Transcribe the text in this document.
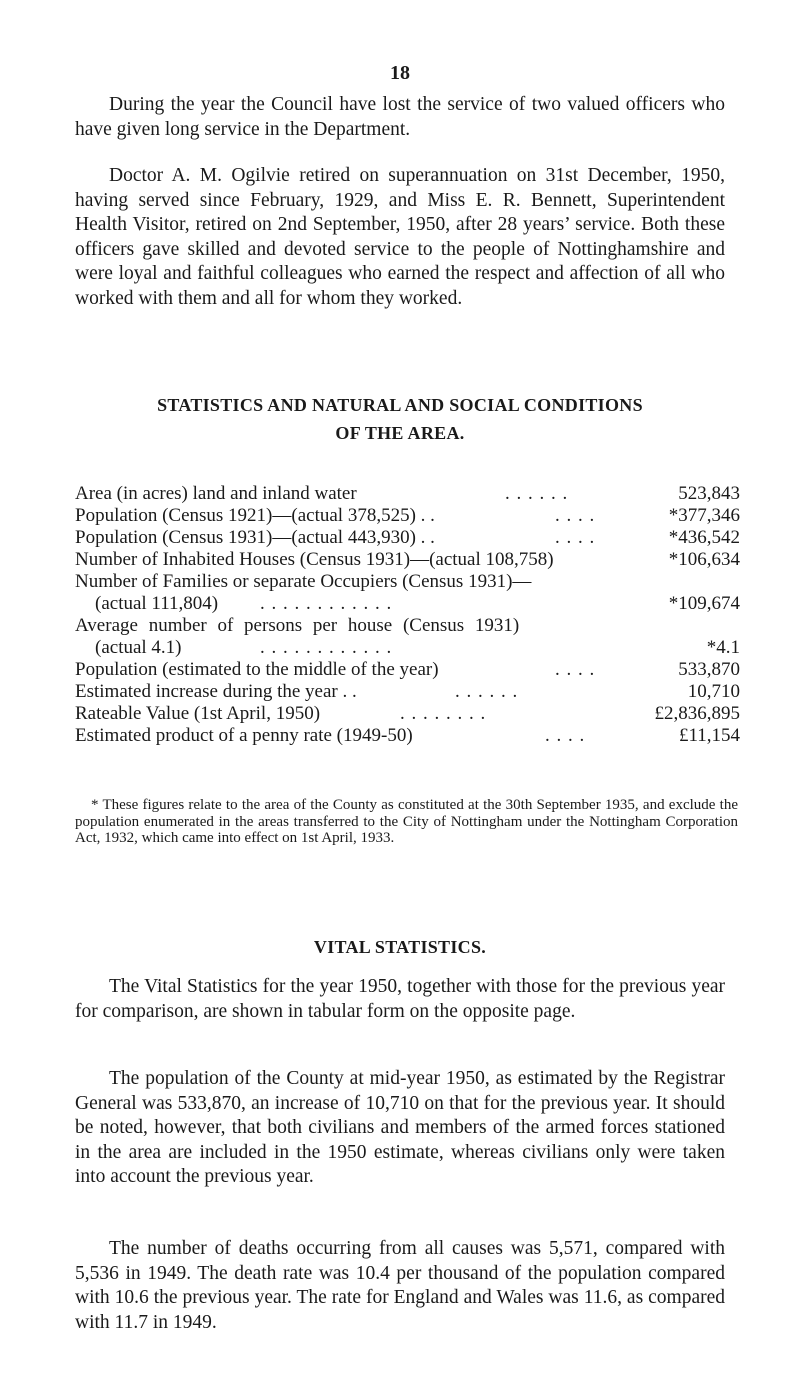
18

During the year the Council have lost the service of two valued officers who have given long service in the Department.

Doctor A. M. Ogilvie retired on superannuation on 31st December, 1950, having served since February, 1929, and Miss E. R. Bennett, Superintendent Health Visitor, retired on 2nd September, 1950, after 28 years’ service. Both these officers gave skilled and devoted service to the people of Nottinghamshire and were loyal and faithful colleagues who earned the respect and affection of all who worked with them and all for whom they worked.

STATISTICS AND NATURAL AND SOCIAL CONDITIONS
OF THE AREA.
Area (in acres) land and inland water	. . . . . .	523,843
Population (Census 1921)—(actual 378,525) . .	. . . .	*377,346
Population (Census 1931)—(actual 443,930) . .	. . . .	*436,542
Number of Inhabited Houses (Census 1931)—(actual 108,758)	*106,634
Number of Families or separate Occupiers (Census 1931)—
(actual 111,804) . . . . . . . . . . . .	*109,674
Average number of persons per house (Census 1931)
(actual 4.1)	. . . . . . . . . . . .	*4.1
Population (estimated to the middle of the year)	. . . .	533,870
Estimated increase during the year . .	. . . . . .	10,710
Rateable Value (1st April, 1950)	. . . . . . . .	£2,836,895
Estimated product of a penny rate (1949-50)	. . . .	£11,154

* These figures relate to the area of the County as constituted at the 30th September 1935, and exclude the population enumerated in the areas transferred to the City of Nottingham under the Nottingham Corporation Act, 1932, which came into effect on 1st April, 1933.

VITAL STATISTICS.

The Vital Statistics for the year 1950, together with those for the previous year for comparison, are shown in tabular form on the opposite page.

The population of the County at mid-year 1950, as estimated by the Registrar General was 533,870, an increase of 10,710 on that for the previous year. It should be noted, however, that both civilians and members of the armed forces stationed in the area are included in the 1950 estimate, whereas civilians only were taken into account the previous year.

The number of deaths occurring from all causes was 5,571, compared with 5,536 in 1949. The death rate was 10.4 per thousand of the population compared with 10.6 the previous year. The rate for England and Wales was 11.6, as compared with 11.7 in 1949.
